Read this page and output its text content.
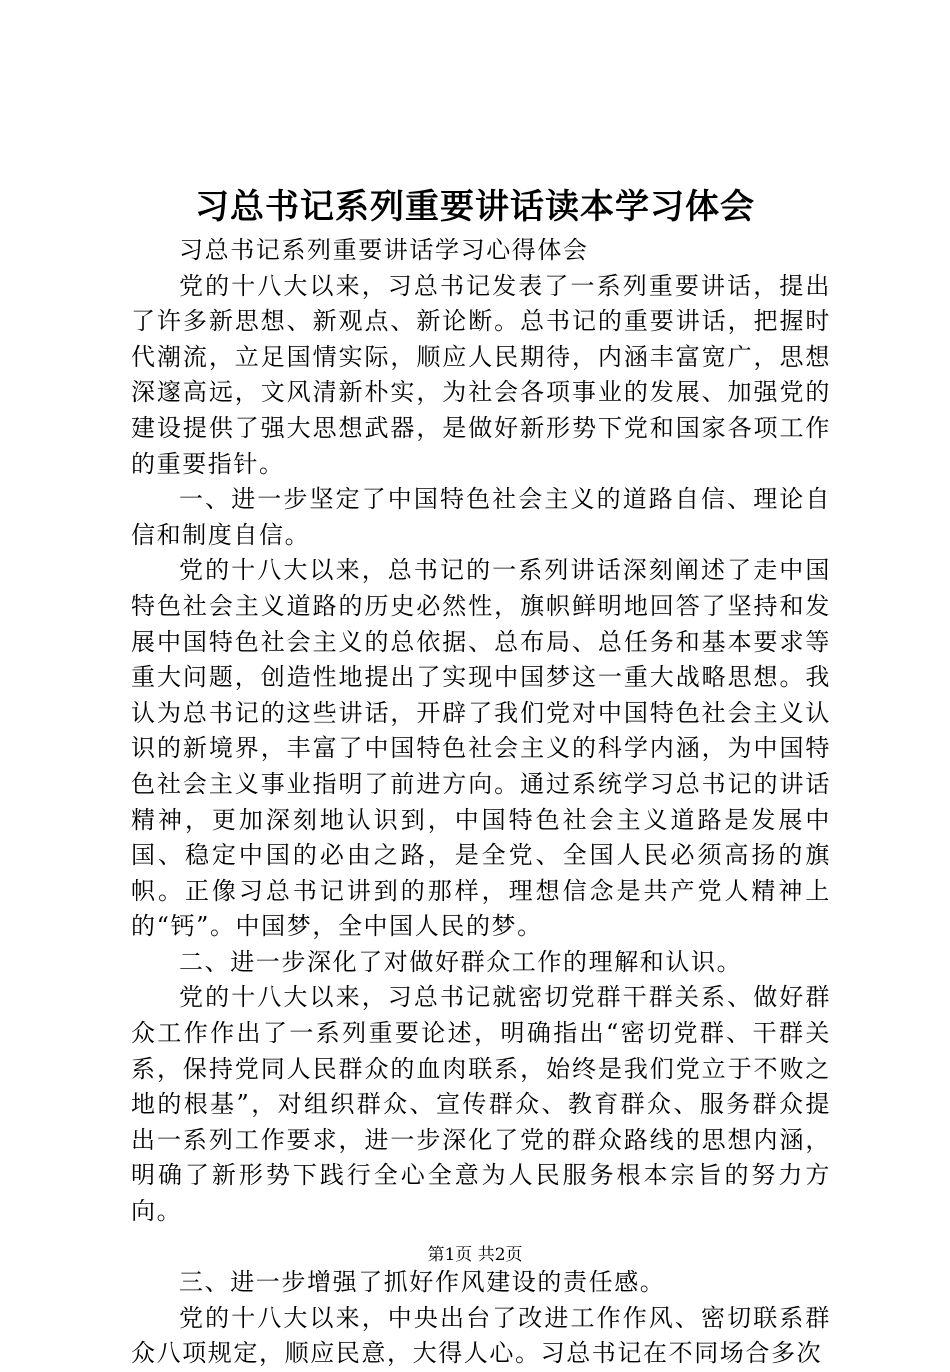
习总书记系列重要讲话读本学习体会

习总书记系列重要讲话学习心得体会

党的十八大以来，习总书记发表了一系列重要讲话，提出了许多新思想、新观点、新论断。总书记的重要讲话，把握时代潮流，立足国情实际，顺应人民期待，内涵丰富宽广，思想深邃高远，文风清新朴实，为社会各项事业的发展、加强党的建设提供了强大思想武器，是做好新形势下党和国家各项工作的重要指针。

一、进一步坚定了中国特色社会主义的道路自信、理论自信和制度自信。

党的十八大以来，总书记的一系列讲话深刻阐述了走中国特色社会主义道路的历史必然性，旗帜鲜明地回答了坚持和发展中国特色社会主义的总依据、总布局、总任务和基本要求等重大问题，创造性地提出了实现中国梦这一重大战略思想。我认为总书记的这些讲话，开辟了我们党对中国特色社会主义认识的新境界，丰富了中国特色社会主义的科学内涵，为中国特色社会主义事业指明了前进方向。通过系统学习总书记的讲话精神，更加深刻地认识到，中国特色社会主义道路是发展中国、稳定中国的必由之路，是全党、全国人民必须高扬的旗帜。正像习总书记讲到的那样，理想信念是共产党人精神上的“钙”。中国梦，全中国人民的梦。

二、进一步深化了对做好群众工作的理解和认识。

党的十八大以来，习总书记就密切党群干群关系、做好群众工作作出了一系列重要论述，明确指出“密切党群、干群关系，保持党同人民群众的血肉联系，始终是我们党立于不败之地的根基”，对组织群众、宣传群众、教育群众、服务群众提出一系列工作要求，进一步深化了党的群众路线的思想内涵，明确了新形势下践行全心全意为人民服务根本宗旨的努力方向。

三、进一步增强了抓好作风建设的责任感。

党的十八大以来，中央出台了改进工作作风、密切联系群众八项规定，顺应民意，大得人心。习总书记在不同场合多次

第1页 共2页
